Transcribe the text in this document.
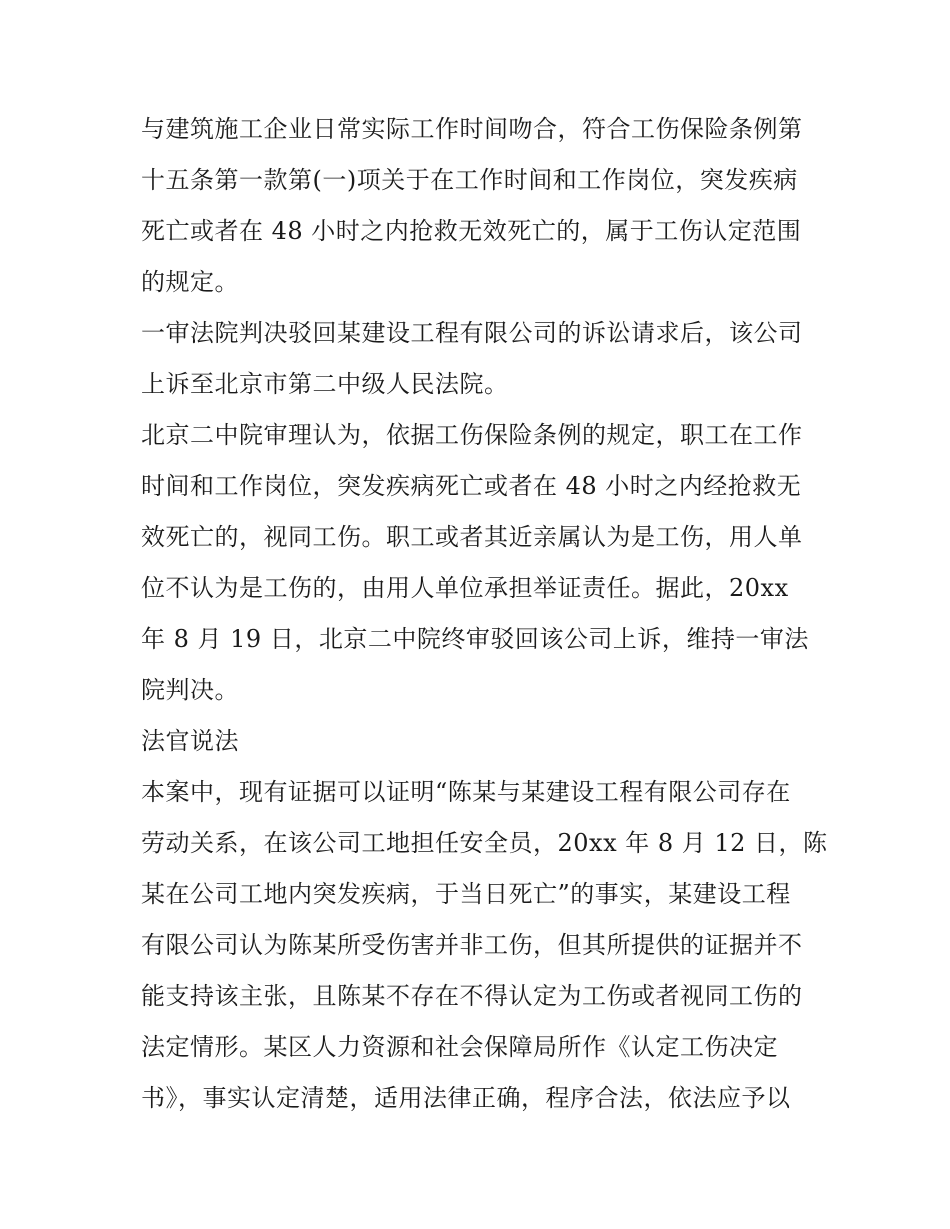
与建筑施工企业日常实际工作时间吻合，符合工伤保险条例第
十五条第一款第(一)项关于在工作时间和工作岗位，突发疾病
死亡或者在 48 小时之内抢救无效死亡的，属于工伤认定范围
的规定。
一审法院判决驳回某建设工程有限公司的诉讼请求后，该公司
上诉至北京市第二中级人民法院。
北京二中院审理认为，依据工伤保险条例的规定，职工在工作
时间和工作岗位，突发疾病死亡或者在 48 小时之内经抢救无
效死亡的，视同工伤。职工或者其近亲属认为是工伤，用人单
位不认为是工伤的，由用人单位承担举证责任。据此，20xx
年 8 月 19 日，北京二中院终审驳回该公司上诉，维持一审法
院判决。
法官说法
本案中，现有证据可以证明“陈某与某建设工程有限公司存在
劳动关系，在该公司工地担任安全员，20xx 年 8 月 12 日，陈
某在公司工地内突发疾病，于当日死亡”的事实，某建设工程
有限公司认为陈某所受伤害并非工伤，但其所提供的证据并不
能支持该主张，且陈某不存在不得认定为工伤或者视同工伤的
法定情形。某区人力资源和社会保障局所作《认定工伤决定
书》，事实认定清楚，适用法律正确，程序合法，依法应予以
